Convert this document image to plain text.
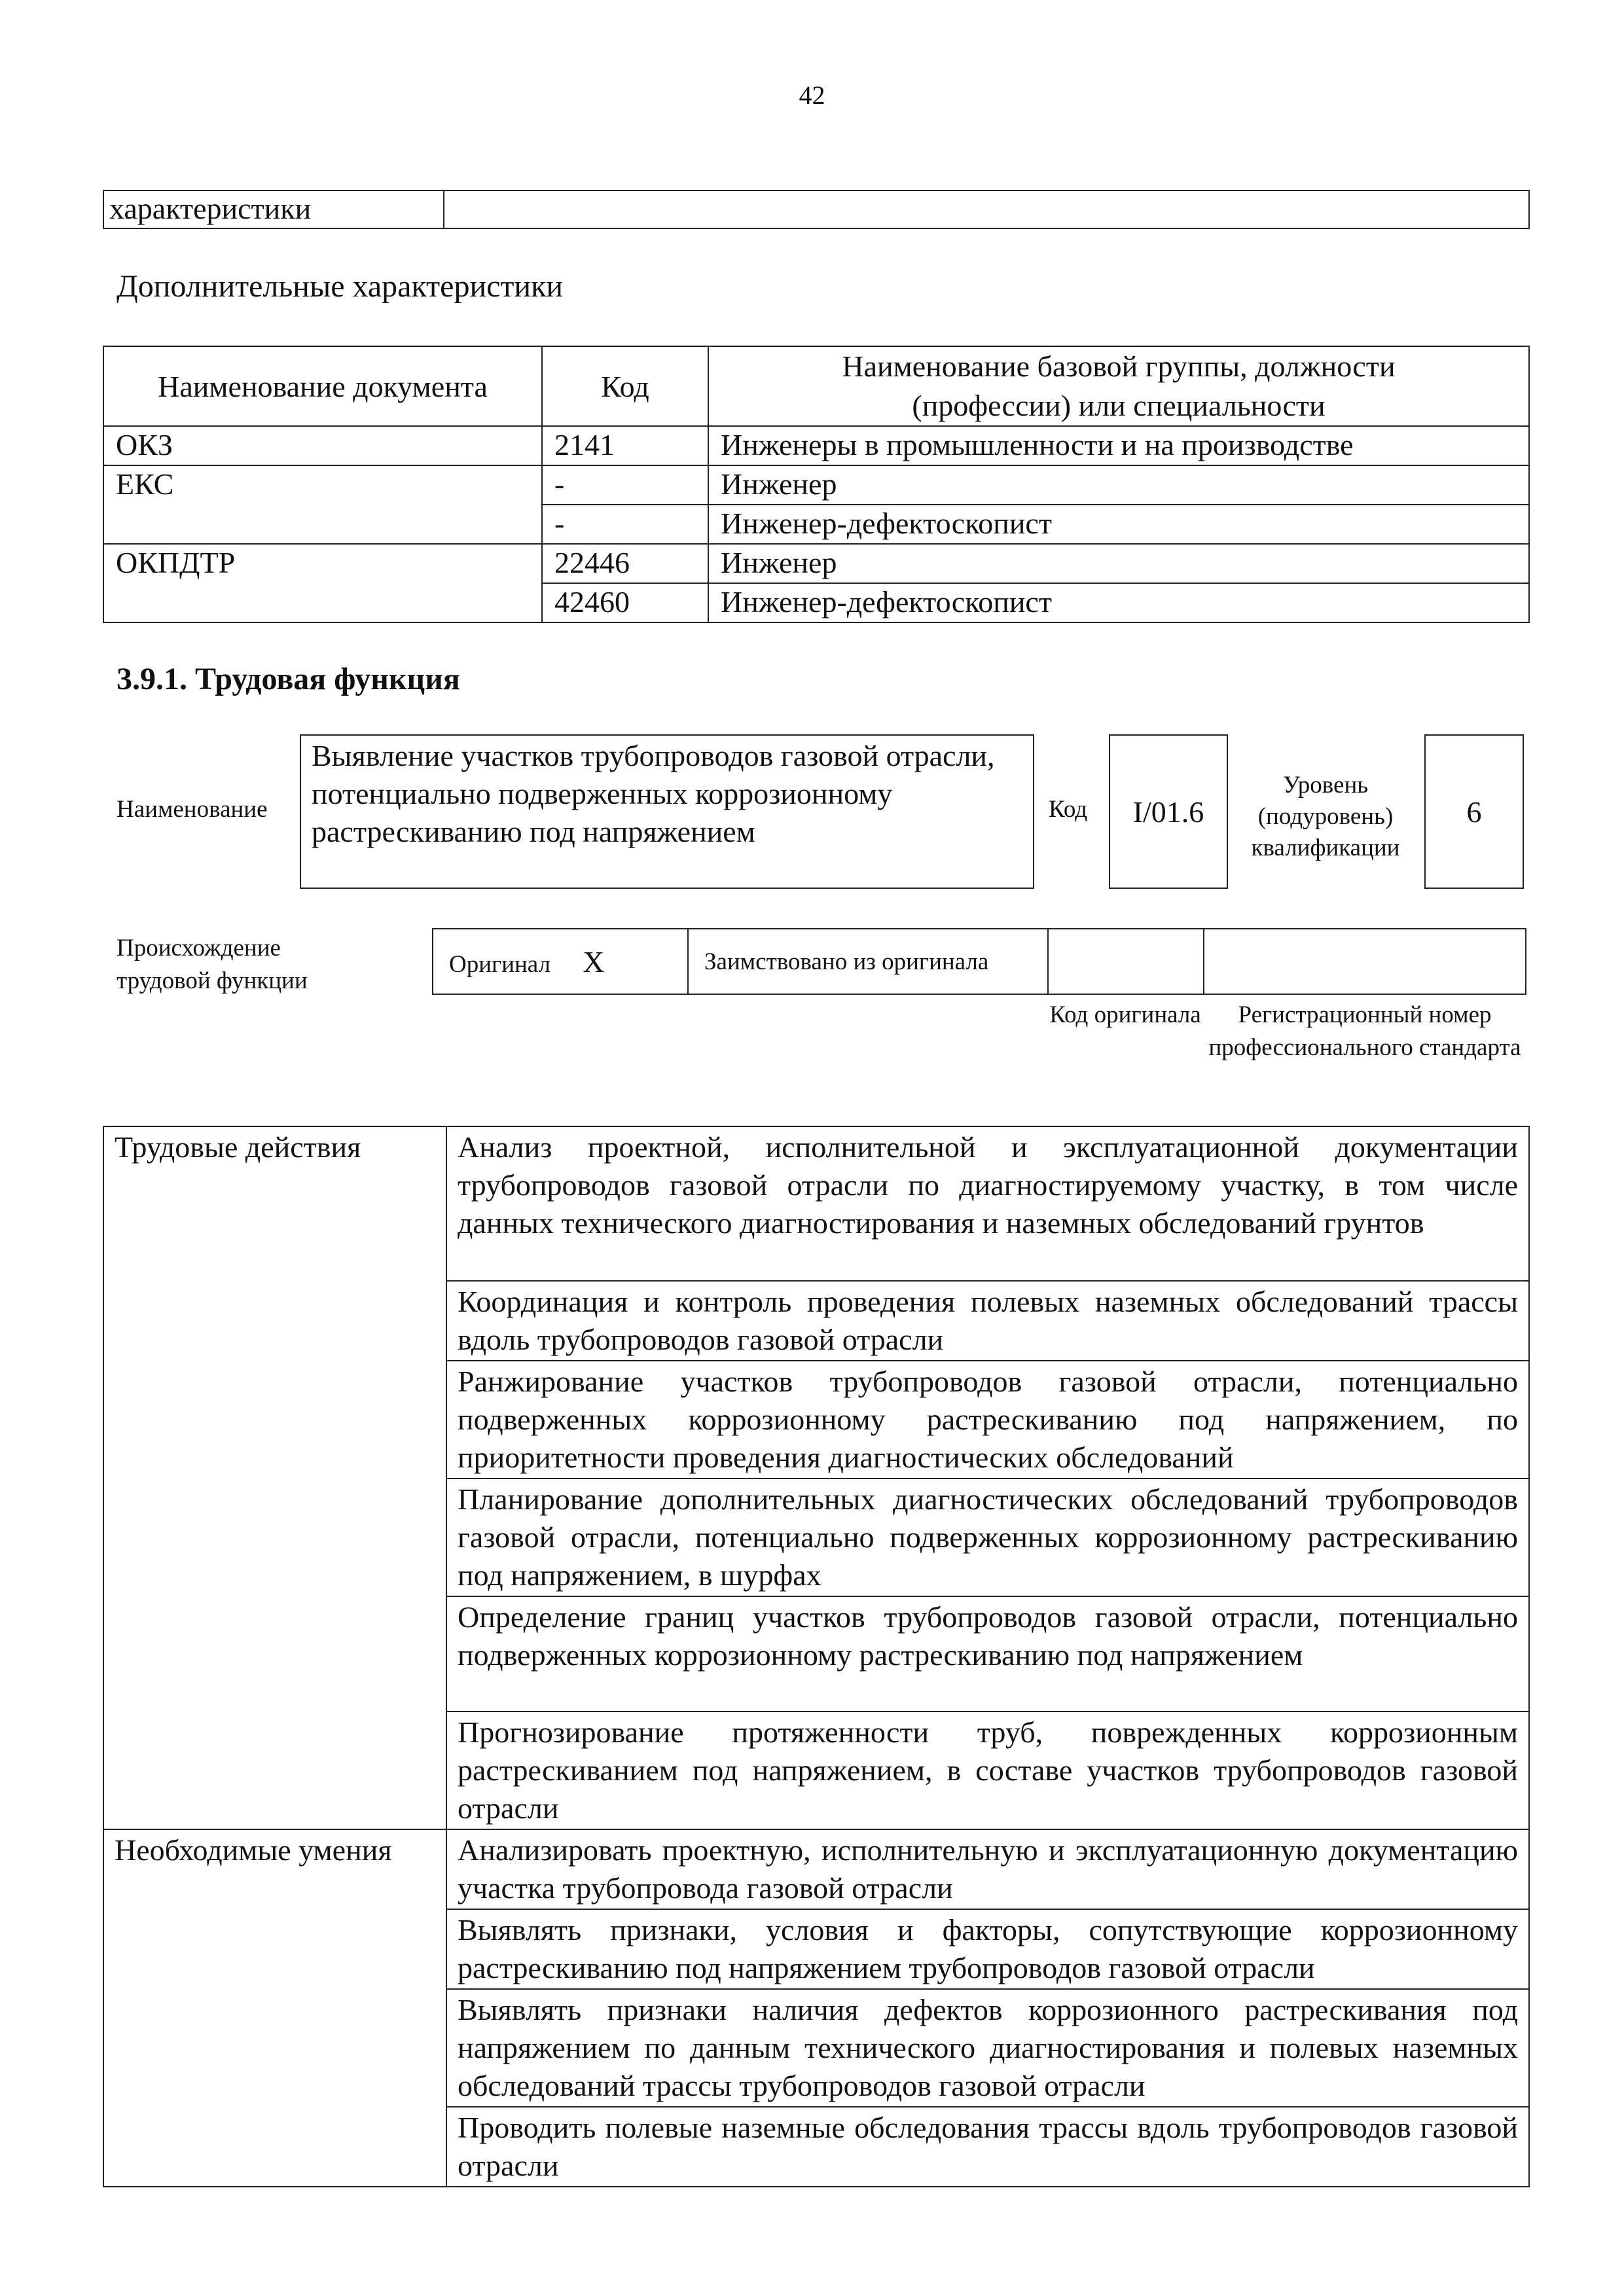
42
характеристики	
Дополнительные характеристики
Наименование документа	Код	Наименование базовой группы, должности (профессии) или специальности
ОКЗ	2141	Инженеры в промышленности и на производстве
ЕКС	-	Инженер
	-	Инженер-дефектоскопист
ОКПДТР	22446	Инженер
	42460	Инженер-дефектоскопист
3.9.1. Трудовая функция
Наименование
Выявление участков трубопроводов газовой отрасли, потенциально подверженных коррозионному растрескиванию под напряжением
Код I/01.6
Уровень (подуровень) квалификации
6
Происхождение трудовой функции
Оригинал X	Заимствовано из оригинала		
Код оригинала	Регистрационный номер профессионального стандарта
Трудовые действия	Анализ проектной, исполнительной и эксплуатационной документации трубопроводов газовой отрасли по диагностируемому участку, в том числе данных технического диагностирования и наземных обследований грунтов
	Координация и контроль проведения полевых наземных обследований трассы вдоль трубопроводов газовой отрасли
	Ранжирование участков трубопроводов газовой отрасли, потенциально подверженных коррозионному растрескиванию под напряжением, по приоритетности проведения диагностических обследований
	Планирование дополнительных диагностических обследований трубопроводов газовой отрасли, потенциально подверженных коррозионному растрескиванию под напряжением, в шурфах
	Определение границ участков трубопроводов газовой отрасли, потенциально подверженных коррозионному растрескиванию под напряжением
	Прогнозирование протяженности труб, поврежденных коррозионным растрескиванием под напряжением, в составе участков трубопроводов газовой отрасли
Необходимые умения	Анализировать проектную, исполнительную и эксплуатационную документацию участка трубопровода газовой отрасли
	Выявлять признаки, условия и факторы, сопутствующие коррозионному растрескиванию под напряжением трубопроводов газовой отрасли
	Выявлять признаки наличия дефектов коррозионного растрескивания под напряжением по данным технического диагностирования и полевых наземных обследований трассы трубопроводов газовой отрасли
	Проводить полевые наземные обследования трассы вдоль трубопроводов газовой отрасли
